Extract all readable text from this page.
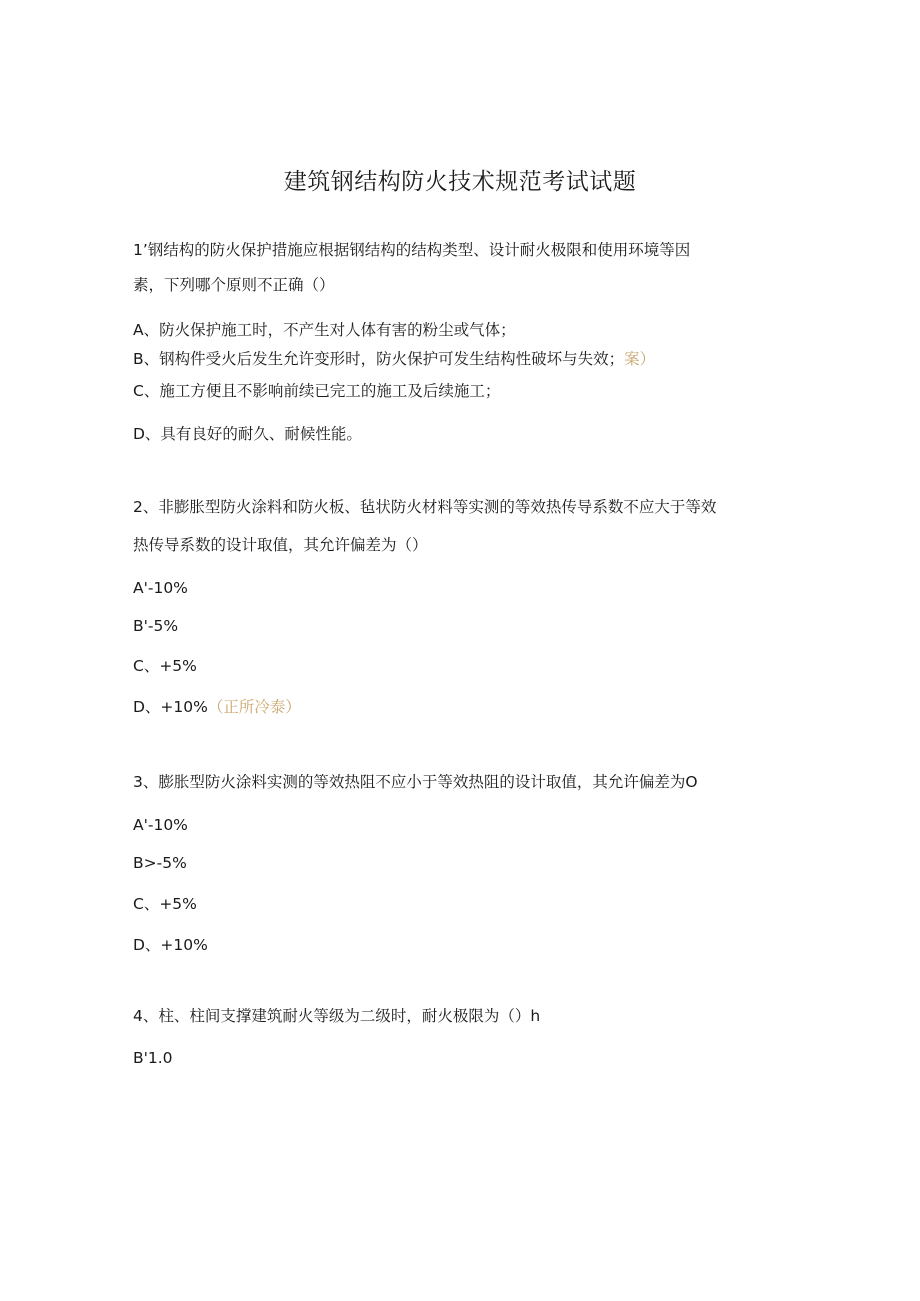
建筑钢结构防火技术规范考试试题
1’钢结构的防火保护措施应根据钢结构的结构类型、设计耐火极限和使用环境等因
素，下列哪个原则不正确（）
A、防火保护施工时，不产生对人体有害的粉尘或气体；
B、钢构件受火后发生允许变形时，防火保护可发生结构性破坏与失效；案）
C、施工方便且不影响前续已完工的施工及后续施工；
D、具有良好的耐久、耐候性能。
2、非膨胀型防火涂料和防火板、毡状防火材料等实测的等效热传导系数不应大于等效
热传导系数的设计取值，其允许偏差为（）
A'-10%
B'-5%
C、+5%
D、+10%（正所冷泰）
3、膨胀型防火涂料实测的等效热阻不应小于等效热阻的设计取值，其允许偏差为O
A'-10%
B>-5%
C、+5%
D、+10%
4、柱、柱间支撑建筑耐火等级为二级时，耐火极限为（）h
B'1.0
